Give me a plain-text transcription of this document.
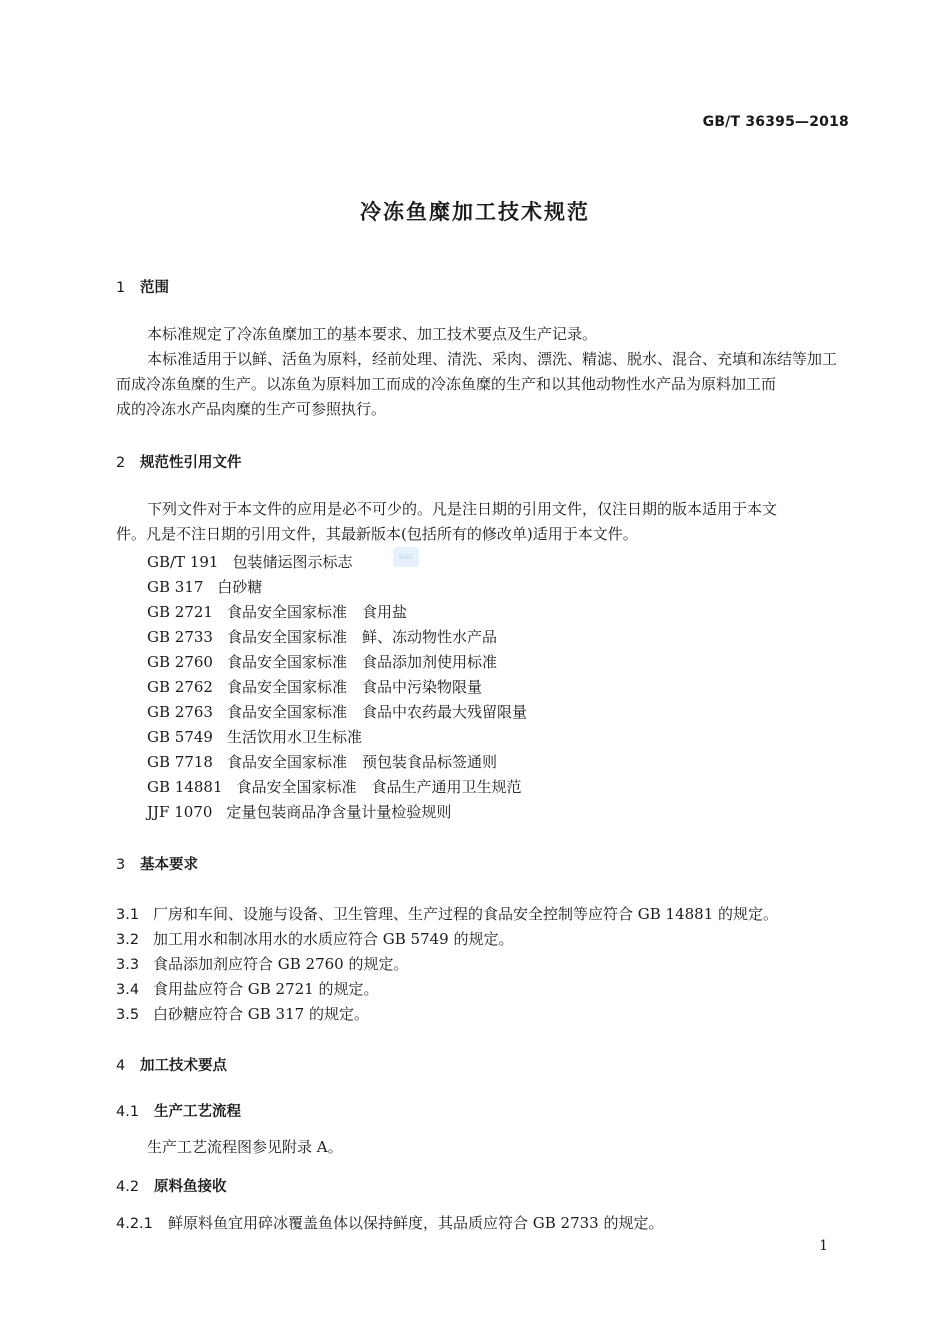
GB/T 36395—2018
冷冻鱼糜加工技术规范
1 范围
本标准规定了冷冻鱼糜加工的基本要求、加工技术要点及生产记录。
本标准适用于以鲜、活鱼为原料，经前处理、清洗、采肉、漂洗、精滤、脱水、混合、充填和冻结等加工
而成冷冻鱼糜的生产。以冻鱼为原料加工而成的冷冻鱼糜的生产和以其他动物性水产品为原料加工而
成的冷冻水产品肉糜的生产可参照执行。
2 规范性引用文件
下列文件对于本文件的应用是必不可少的。凡是注日期的引用文件，仅注日期的版本适用于本文
件。凡是不注日期的引用文件，其最新版本(包括所有的修改单)适用于本文件。
SAC
GB/T 191 包装储运图示标志
GB 317 白砂糖
GB 2721 食品安全国家标准　食用盐
GB 2733 食品安全国家标准　鲜、冻动物性水产品
GB 2760 食品安全国家标准　食品添加剂使用标准
GB 2762 食品安全国家标准　食品中污染物限量
GB 2763 食品安全国家标准　食品中农药最大残留限量
GB 5749 生活饮用水卫生标准
GB 7718 食品安全国家标准　预包装食品标签通则
GB 14881 食品安全国家标准　食品生产通用卫生规范
JJF 1070 定量包装商品净含量计量检验规则
3 基本要求
3.1 厂房和车间、设施与设备、卫生管理、生产过程的食品安全控制等应符合 GB 14881 的规定。
3.2 加工用水和制冰用水的水质应符合 GB 5749 的规定。
3.3 食品添加剂应符合 GB 2760 的规定。
3.4 食用盐应符合 GB 2721 的规定。
3.5 白砂糖应符合 GB 317 的规定。
4 加工技术要点
4.1 生产工艺流程
生产工艺流程图参见附录 A。
4.2 原料鱼接收
4.2.1 鲜原料鱼宜用碎冰覆盖鱼体以保持鲜度，其品质应符合 GB 2733 的规定。
1
